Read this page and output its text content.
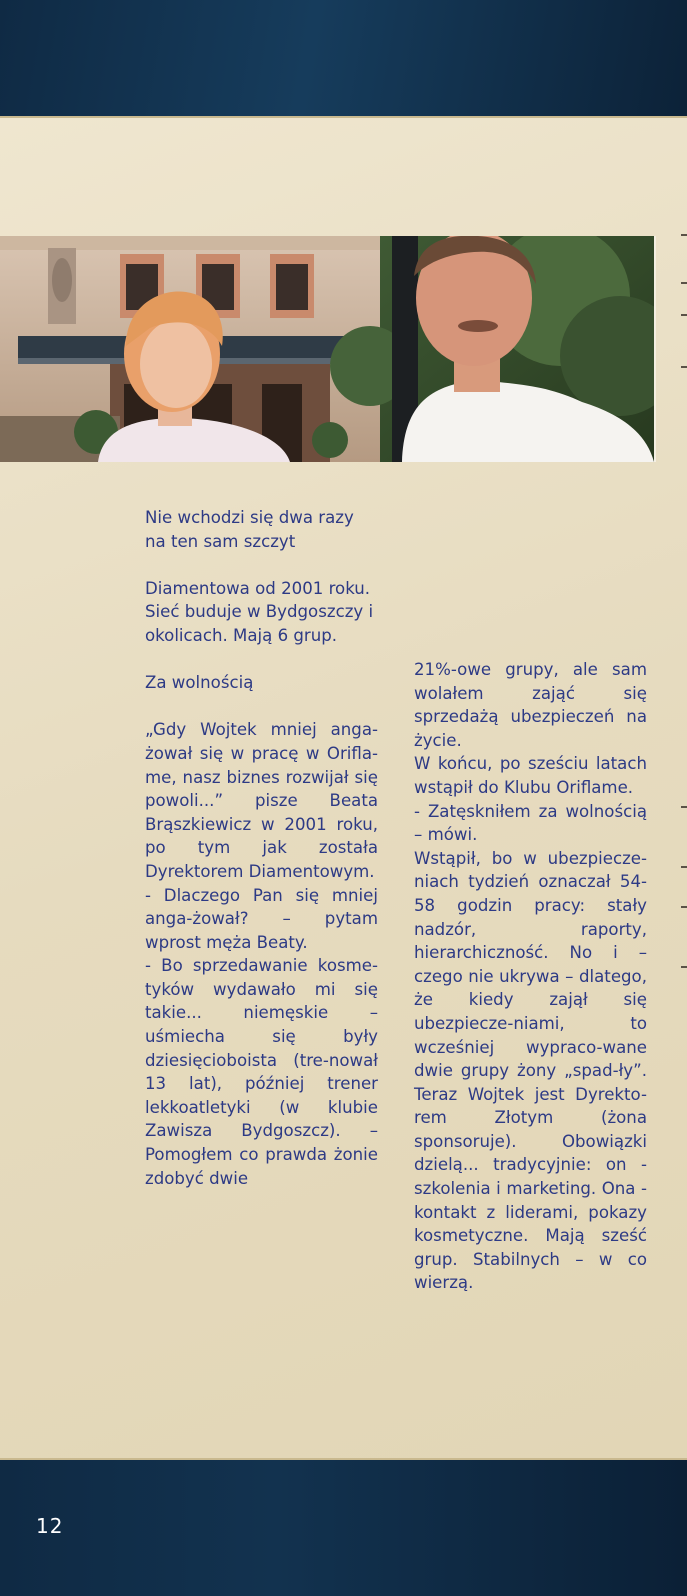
Nie wchodzi się dwa razy na ten sam szczyt

Diamentowa od 2001 roku. Sieć buduje w Bydgoszczy i okolicach. Mają 6 grup.

Za wolnością

„Gdy Wojtek mniej anga-żował się w pracę w Orifla-me, nasz biznes rozwijał się powoli...” pisze Beata Brąszkiewicz w 2001 roku, po tym jak została Dyrektorem Diamentowym.

- Dlaczego Pan się mniej anga-żował? – pytam wprost męża Beaty.

- Bo sprzedawanie kosme-tyków wydawało mi się takie... niemęskie – uśmiecha się były dziesięcioboista (tre-nował 13 lat), później trener lekkoatletyki (w klubie Zawisza Bydgoszcz). – Pomogłem co prawda żonie zdobyć dwie

21%-owe grupy, ale sam wolałem zająć się sprzedażą ubezpieczeń na życie.

W końcu, po sześciu latach wstąpił do Klubu Oriflame.

- Zatęskniłem za wolnością – mówi.

Wstąpił, bo w ubezpiecze-niach tydzień oznaczał 54-58 godzin pracy: stały nadzór, raporty, hierarchiczność. No i – czego nie ukrywa – dlatego, że kiedy zajął się ubezpiecze-niami, to wcześniej wypraco-wane dwie grupy żony „spad-ły”. Teraz Wojtek jest Dyrekto-rem Złotym (żona sponsoruje). Obowiązki dzielą... tradycyjnie: on - szkolenia i marketing. Ona - kontakt z liderami, pokazy kosmetyczne. Mają sześć grup. Stabilnych – w co wierzą.

12
